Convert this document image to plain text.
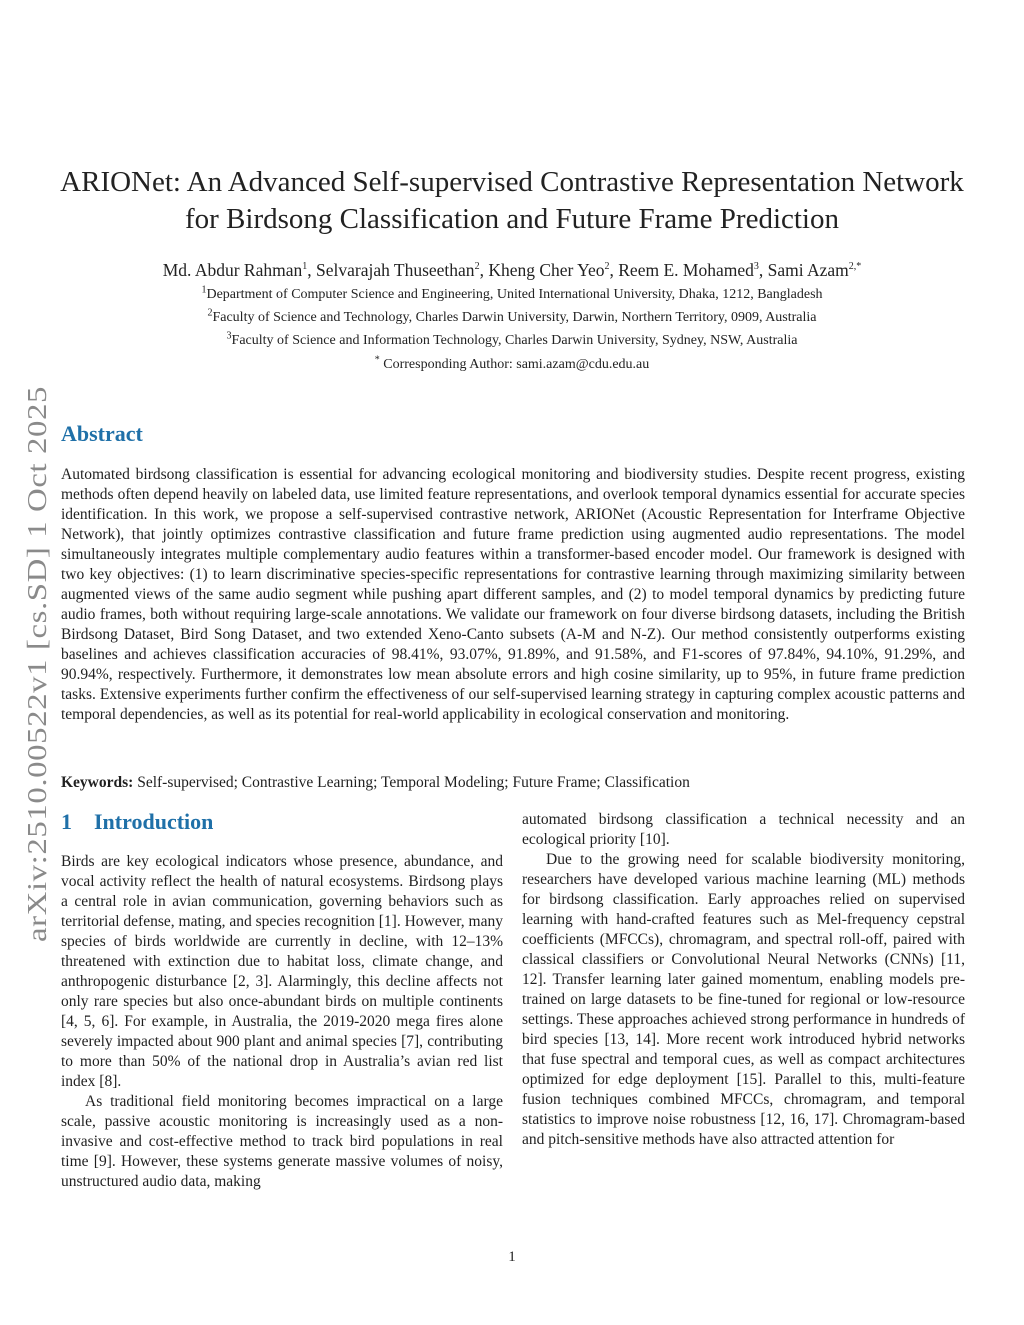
arXiv:2510.00522v1 [cs.SD] 1 Oct 2025
ARIONet: An Advanced Self-supervised Contrastive Representation Network
for Birdsong Classification and Future Frame Prediction
Md. Abdur Rahman$^1$, Selvarajah Thuseethan$^2$, Kheng Cher Yeo$^2$, Reem E. Mohamed$^3$, Sami Azam$^{2,*}$
$^1$Department of Computer Science and Engineering, United International University, Dhaka, 1212, Bangladesh
$^2$Faculty of Science and Technology, Charles Darwin University, Darwin, Northern Territory, 0909, Australia
$^3$Faculty of Science and Information Technology, Charles Darwin University, Sydney, NSW, Australia
* Corresponding Author: sami.azam@cdu.edu.au
Abstract
Automated birdsong classification is essential for advancing ecological monitoring and biodiversity studies. Despite recent progress, existing methods often depend heavily on labeled data, use limited feature representations, and overlook temporal dynamics essential for accurate species identification. In this work, we propose a self-supervised contrastive network, ARIONet (Acoustic Representation for Interframe Objective Network), that jointly optimizes contrastive classification and future frame prediction using augmented audio representations. The model simultaneously integrates multiple complementary audio features within a transformer-based encoder model. Our framework is designed with two key objectives: (1) to learn discriminative species-specific representations for contrastive learning through maximizing similarity between augmented views of the same audio segment while pushing apart different samples, and (2) to model temporal dynamics by predicting future audio frames, both without requiring large-scale annotations. We validate our framework on four diverse birdsong datasets, including the British Birdsong Dataset, Bird Song Dataset, and two extended Xeno-Canto subsets (A-M and N-Z). Our method consistently outperforms existing baselines and achieves classification accuracies of 98.41%, 93.07%, 91.89%, and 91.58%, and F1-scores of 97.84%, 94.10%, 91.29%, and 90.94%, respectively. Furthermore, it demonstrates low mean absolute errors and high cosine similarity, up to 95%, in future frame prediction tasks. Extensive experiments further confirm the effectiveness of our self-supervised learning strategy in capturing complex acoustic patterns and temporal dependencies, as well as its potential for real-world applicability in ecological conservation and monitoring.
Keywords: Self-supervised; Contrastive Learning; Temporal Modeling; Future Frame; Classification
1 Introduction

Birds are key ecological indicators whose presence, abundance, and vocal activity reflect the health of natural ecosystems. Birdsong plays a central role in avian communication, governing behaviors such as territorial defense, mating, and species recognition [1]. However, many species of birds worldwide are currently in decline, with 12–13% threatened with extinction due to habitat loss, climate change, and anthropogenic disturbance [2, 3]. Alarmingly, this decline affects not only rare species but also once-abundant birds on multiple continents [4, 5, 6]. For example, in Australia, the 2019-2020 mega fires alone severely impacted about 900 plant and animal species [7], contributing to more than 50% of the national drop in Australia’s avian red list index [8].

As traditional field monitoring becomes impractical on a large scale, passive acoustic monitoring is increasingly used as a non-invasive and cost-effective method to track bird populations in real time [9]. However, these systems generate massive volumes of noisy, unstructured audio data, making

automated birdsong classification a technical necessity and an ecological priority [10].

Due to the growing need for scalable biodiversity monitoring, researchers have developed various machine learning (ML) methods for birdsong classification. Early approaches relied on supervised learning with hand-crafted features such as Mel-frequency cepstral coefficients (MFCCs), chromagram, and spectral roll-off, paired with classical classifiers or Convolutional Neural Networks (CNNs) [11, 12]. Transfer learning later gained momentum, enabling models pre-trained on large datasets to be fine-tuned for regional or low-resource settings. These approaches achieved strong performance in hundreds of bird species [13, 14]. More recent work introduced hybrid networks that fuse spectral and temporal cues, as well as compact architectures optimized for edge deployment [15]. Parallel to this, multi-feature fusion techniques combined MFCCs, chromagram, and temporal statistics to improve noise robustness [12, 16, 17]. Chromagram-based and pitch-sensitive methods have also attracted attention for

1
